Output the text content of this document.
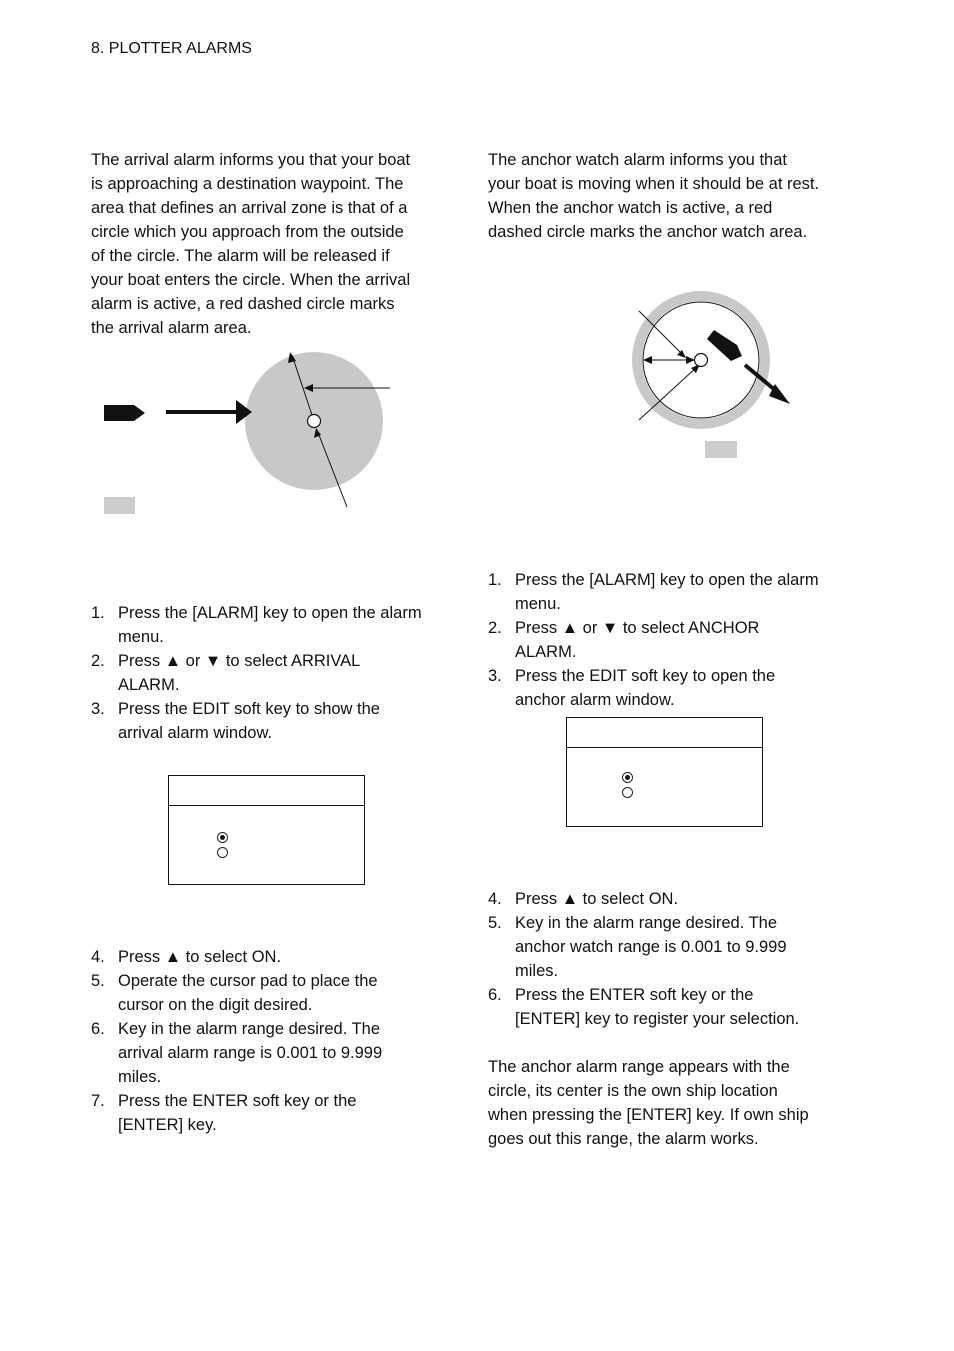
8. PLOTTER ALARMS
The arrival alarm informs you that your boat
is approaching a destination waypoint. The
area that defines an arrival zone is that of a
circle which you approach from the outside
of the circle. The alarm will be released if
your boat enters the circle. When the arrival
alarm is active, a red dashed circle marks
the arrival alarm area.
1. Press the [ALARM] key to open the alarm
menu.
2. Press ▲ or ▼ to select ARRIVAL
ALARM.
3. Press the EDIT soft key to show the
arrival alarm window.
4. Press ▲ to select ON.
5. Operate the cursor pad to place the
cursor on the digit desired.
6. Key in the alarm range desired. The
arrival alarm range is 0.001 to 9.999
miles.
7. Press the ENTER soft key or the
[ENTER] key.
The anchor watch alarm informs you that
your boat is moving when it should be at rest.
When the anchor watch is active, a red
dashed circle marks the anchor watch area.
1. Press the [ALARM] key to open the alarm
menu.
2. Press ▲ or ▼ to select ANCHOR
ALARM.
3. Press the EDIT soft key to open the
anchor alarm window.
4. Press ▲ to select ON.
5. Key in the alarm range desired. The
anchor watch range is 0.001 to 9.999
miles.
6. Press the ENTER soft key or the
[ENTER] key to register your selection.
The anchor alarm range appears with the
circle, its center is the own ship location
when pressing the [ENTER] key. If own ship
goes out this range, the alarm works.
